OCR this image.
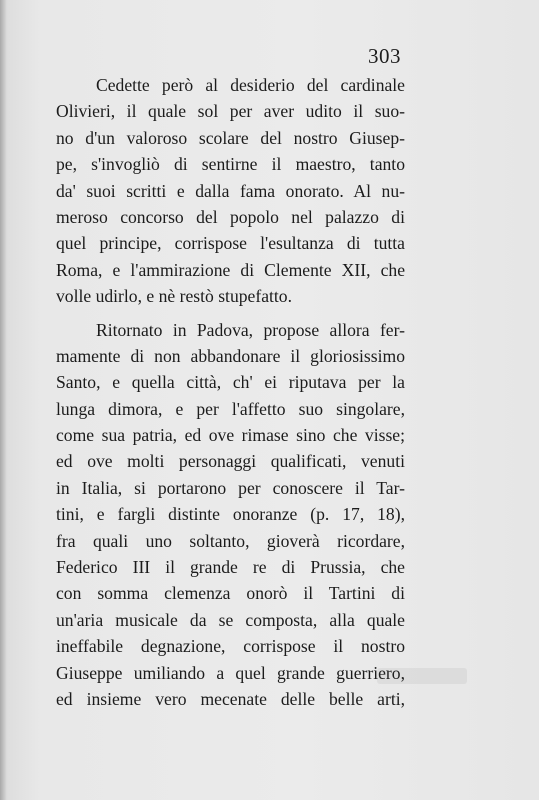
303
Cedette però al desiderio del cardinale
Olivieri, il quale sol per aver udito il suo-
no d'un valoroso scolare del nostro Giusep-
pe, s'invogliò di sentirne il maestro, tanto
da' suoi scritti e dalla fama onorato. Al nu-
meroso concorso del popolo nel palazzo di
quel principe, corrispose l'esultanza di tutta
Roma, e l'ammirazione di Clemente XII, che
volle udirlo, e nè restò stupefatto.
Ritornato in Padova, propose allora fer-
mamente di non abbandonare il gloriosissimo
Santo, e quella città, ch' ei riputava per la
lunga dimora, e per l'affetto suo singolare,
come sua patria, ed ove rimase sino che visse;
ed ove molti personaggi qualificati, venuti
in Italia, si portarono per conoscere il Tar-
tini, e fargli distinte onoranze (p. 17, 18),
fra quali uno soltanto, gioverà ricordare,
Federico III il grande re di Prussia, che
con somma clemenza onorò il Tartini di
un'aria musicale da se composta, alla quale
ineffabile degnazione, corrispose il nostro
Giuseppe umiliando a quel grande guerriero,
ed insieme vero mecenate delle belle arti,
